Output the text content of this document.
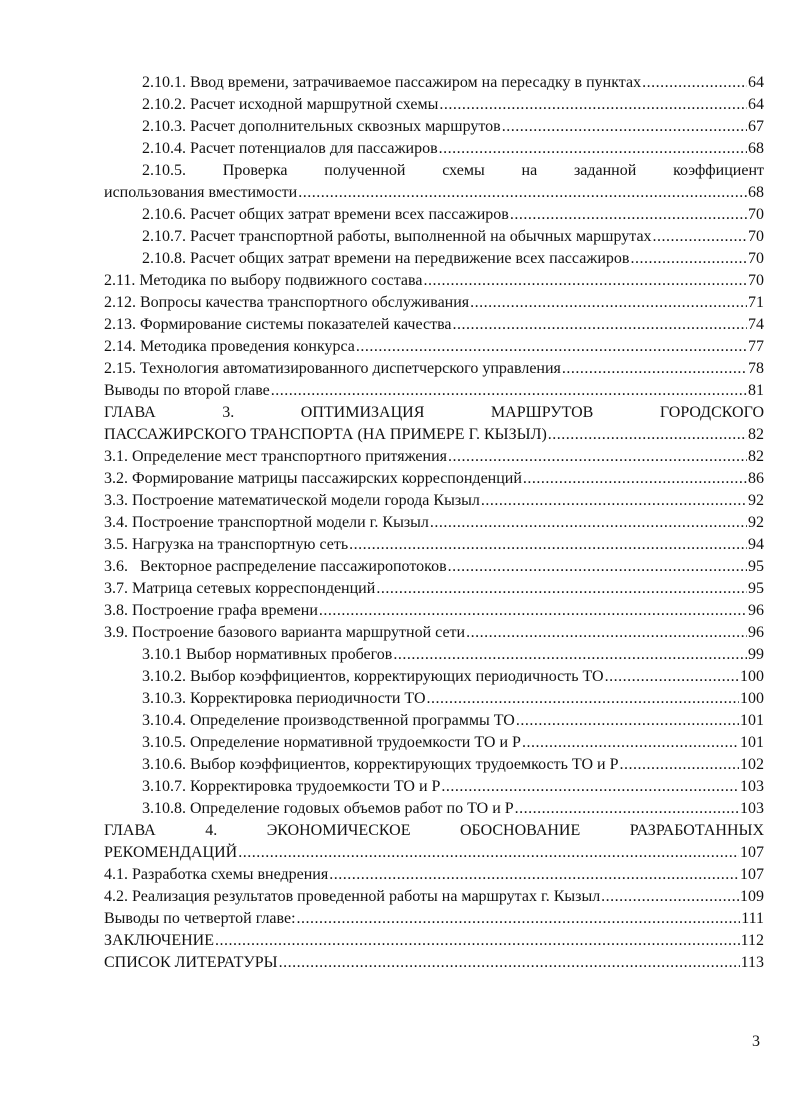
2.10.1. Ввод времени, затрачиваемое пассажиром на пересадку в пунктах .....	64
2.10.2. Расчет исходной маршрутной схемы .....	64
2.10.3. Расчет дополнительных сквозных маршрутов .....	67
2.10.4. Расчет потенциалов для пассажиров .....	68
2.10.5. Проверка полученной схемы на заданной коэффициент
использования вместимости .....	68
2.10.6. Расчет общих затрат времени всех пассажиров .....	70
2.10.7. Расчет транспортной работы, выполненной на обычных маршрутах .....	70
2.10.8. Расчет общих затрат времени на передвижение всех пассажиров .....	70
2.11. Методика по выбору подвижного состава .....	70
2.12. Вопросы качества транспортного обслуживания .....	71
2.13. Формирование системы показателей качества .....	74
2.14. Методика проведения конкурса .....	77
2.15. Технология автоматизированного диспетчерского управления .....	78
Выводы по второй главе .....	81
ГЛАВА 3. ОПТИМИЗАЦИЯ МАРШРУТОВ ГОРОДСКОГО
ПАССАЖИРСКОГО ТРАНСПОРТА (НА ПРИМЕРЕ Г. КЫЗЫЛ) .....	82
3.1. Определение мест транспортного притяжения .....	82
3.2. Формирование матрицы пассажирских корреспонденций .....	86
3.3. Построение математической модели города Кызыл .....	92
3.4. Построение транспортной модели г. Кызыл .....	92
3.5. Нагрузка на транспортную сеть .....	94
3.6.   Векторное распределение пассажиропотоков .....	95
3.7. Матрица сетевых корреспонденций .....	95
3.8. Построение графа времени .....	96
3.9. Построение базового варианта маршрутной сети .....	96
3.10.1 Выбор нормативных пробегов .....	99
3.10.2. Выбор коэффициентов, корректирующих периодичность ТО .....	100
3.10.3. Корректировка периодичности ТО .....	100
3.10.4. Определение производственной программы ТО .....	101
3.10.5. Определение нормативной трудоемкости ТО и Р .....	101
3.10.6. Выбор коэффициентов, корректирующих трудоемкость ТО и Р .....	102
3.10.7. Корректировка трудоемкости ТО и Р .....	103
3.10.8. Определение годовых объемов работ по ТО и Р .....	103
ГЛАВА 4. ЭКОНОМИЧЕСКОЕ ОБОСНОВАНИЕ РАЗРАБОТАННЫХ
РЕКОМЕНДАЦИЙ .....	107
4.1. Разработка схемы внедрения .....	107
4.2. Реализация результатов проведенной работы на маршрутах г. Кызыл .....	109
Выводы по четвертой главе: .....	111
ЗАКЛЮЧЕНИЕ .....	112
СПИСОК ЛИТЕРАТУРЫ .....	113
3
